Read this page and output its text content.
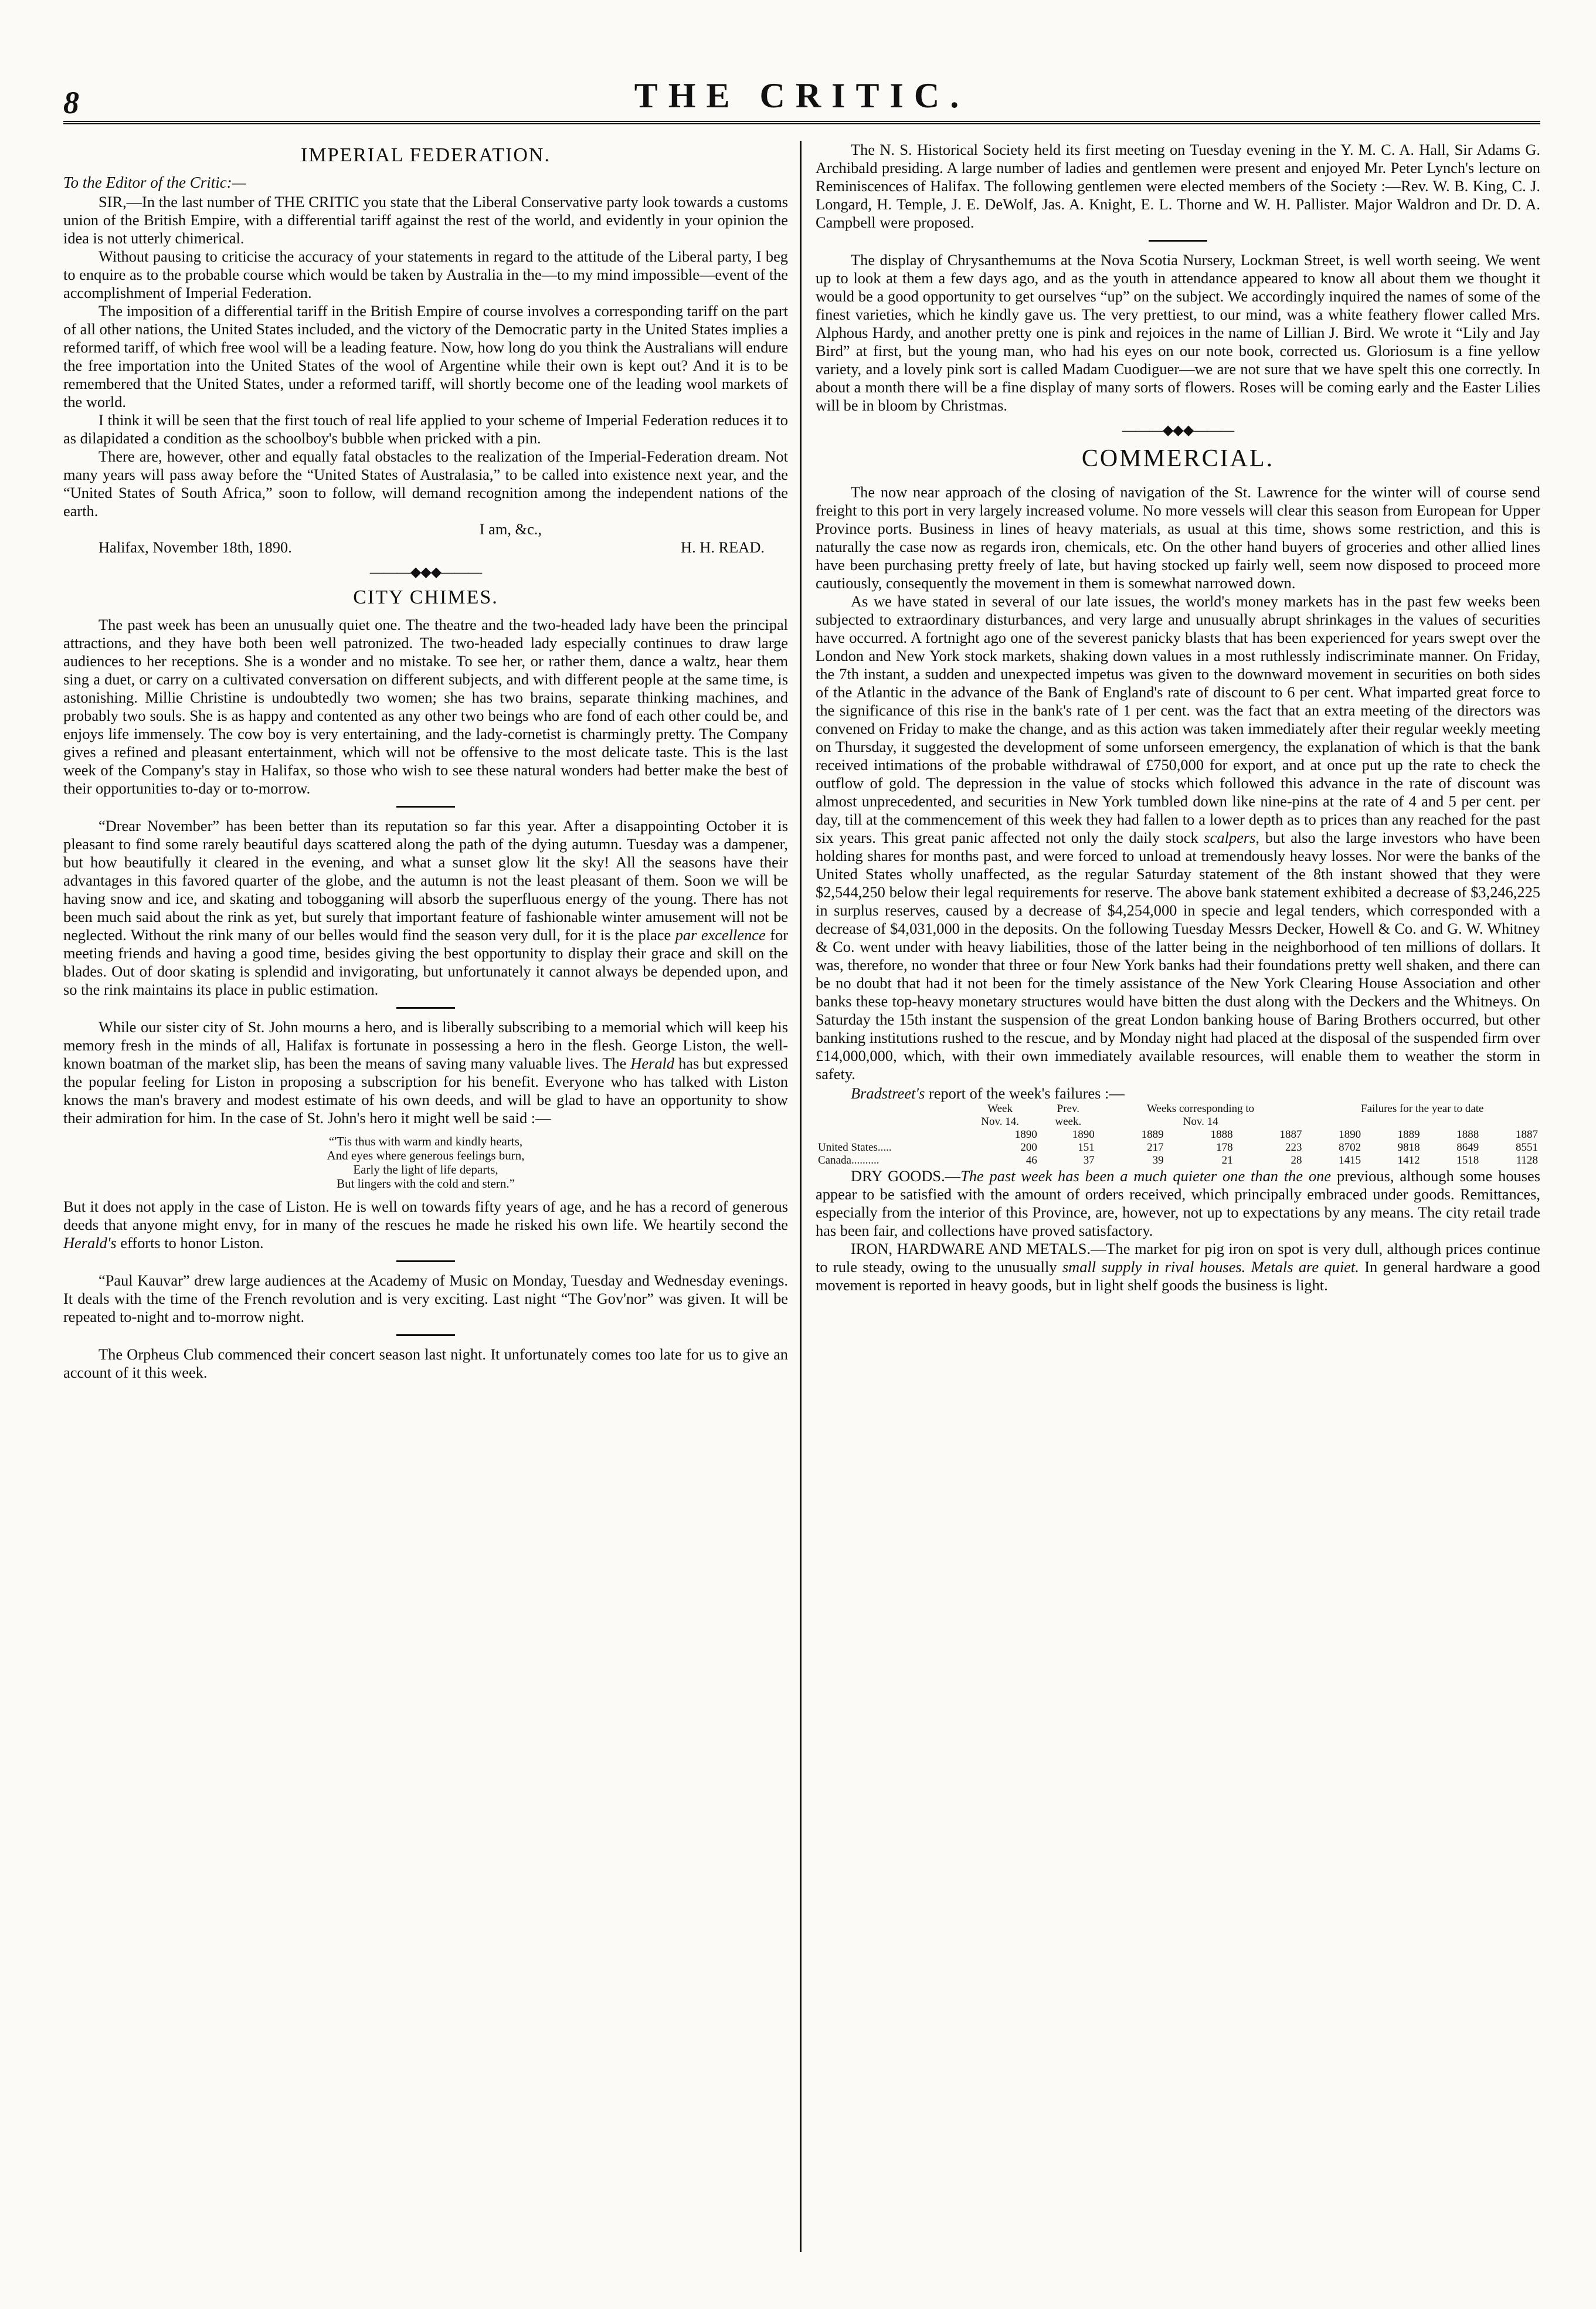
8	THE CRITIC.
IMPERIAL FEDERATION.
To the Editor of the Critic:—

SIR,—In the last number of THE CRITIC you state that the Liberal Conservative party look towards a customs union of the British Empire, with a differential tariff against the rest of the world, and evidently in your opinion the idea is not utterly chimerical.

Without pausing to criticise the accuracy of your statements in regard to the attitude of the Liberal party, I beg to enquire as to the probable course which would be taken by Australia in the—to my mind impossible—event of the accomplishment of Imperial Federation.

The imposition of a differential tariff in the British Empire of course involves a corresponding tariff on the part of all other nations, the United States included, and the victory of the Democratic party in the United States implies a reformed tariff, of which free wool will be a leading feature. Now, how long do you think the Australians will endure the free importation into the United States of the wool of Argentine while their own is kept out? And it is to be remembered that the United States, under a reformed tariff, will shortly become one of the leading wool markets of the world.

I think it will be seen that the first touch of real life applied to your scheme of Imperial Federation reduces it to as dilapidated a condition as the schoolboy's bubble when pricked with a pin.

There are, however, other and equally fatal obstacles to the realization of the Imperial-Federation dream. Not many years will pass away before the “United States of Australasia,” to be called into existence next year, and the “United States of South Africa,” soon to follow, will demand recognition among the independent nations of the earth.

I am, &c.,
Halifax, November 18th, 1890.	H. H. READ.
———◆◆◆———
CITY CHIMES.

The past week has been an unusually quiet one. The theatre and the two-headed lady have been the principal attractions, and they have both been well patronized. The two-headed lady especially continues to draw large audiences to her receptions. She is a wonder and no mistake. To see her, or rather them, dance a waltz, hear them sing a duet, or carry on a cultivated conversation on different subjects, and with different people at the same time, is astonishing. Millie Christine is undoubtedly two women; she has two brains, separate thinking machines, and probably two souls. She is as happy and contented as any other two beings who are fond of each other could be, and enjoys life immensely. The cow boy is very entertaining, and the lady-cornetist is charmingly pretty. The Company gives a refined and pleasant entertainment, which will not be offensive to the most delicate taste. This is the last week of the Company's stay in Halifax, so those who wish to see these natural wonders had better make the best of their opportunities to-day or to-morrow.

“Drear November” has been better than its reputation so far this year. After a disappointing October it is pleasant to find some rarely beautiful days scattered along the path of the dying autumn. Tuesday was a dampener, but how beautifully it cleared in the evening, and what a sunset glow lit the sky! All the seasons have their advantages in this favored quarter of the globe, and the autumn is not the least pleasant of them. Soon we will be having snow and ice, and skating and tobogganing will absorb the superfluous energy of the young. There has not been much said about the rink as yet, but surely that important feature of fashionable winter amusement will not be neglected. Without the rink many of our belles would find the season very dull, for it is the place par excellence for meeting friends and having a good time, besides giving the best opportunity to display their grace and skill on the blades. Out of door skating is splendid and invigorating, but unfortunately it cannot always be depended upon, and so the rink maintains its place in public estimation.

While our sister city of St. John mourns a hero, and is liberally subscribing to a memorial which will keep his memory fresh in the minds of all, Halifax is fortunate in possessing a hero in the flesh. George Liston, the well-known boatman of the market slip, has been the means of saving many valuable lives. The Herald has but expressed the popular feeling for Liston in proposing a subscription for his benefit. Everyone who has talked with Liston knows the man's bravery and modest estimate of his own deeds, and will be glad to have an opportunity to show their admiration for him. In the case of St. John's hero it might well be said :—

“'Tis thus with warm and kindly hearts,
And eyes where generous feelings burn,
Early the light of life departs,
But lingers with the cold and stern.”

But it does not apply in the case of Liston. He is well on towards fifty years of age, and he has a record of generous deeds that anyone might envy, for in many of the rescues he made he risked his own life. We heartily second the Herald's efforts to honor Liston.

“Paul Kauvar” drew large audiences at the Academy of Music on Monday, Tuesday and Wednesday evenings. It deals with the time of the French revolution and is very exciting. Last night “The Gov'nor” was given. It will be repeated to-night and to-morrow night.

The Orpheus Club commenced their concert season last night. It unfortunately comes too late for us to give an account of it this week.

The N. S. Historical Society held its first meeting on Tuesday evening in the Y. M. C. A. Hall, Sir Adams G. Archibald presiding. A large number of ladies and gentlemen were present and enjoyed Mr. Peter Lynch's lecture on Reminiscences of Halifax. The following gentlemen were elected members of the Society :—Rev. W. B. King, C. J. Longard, H. Temple, J. E. DeWolf, Jas. A. Knight, E. L. Thorne and W. H. Pallister. Major Waldron and Dr. D. A. Campbell were proposed.

The display of Chrysanthemums at the Nova Scotia Nursery, Lockman Street, is well worth seeing. We went up to look at them a few days ago, and as the youth in attendance appeared to know all about them we thought it would be a good opportunity to get ourselves “up” on the subject. We accordingly inquired the names of some of the finest varieties, which he kindly gave us. The very prettiest, to our mind, was a white feathery flower called Mrs. Alphous Hardy, and another pretty one is pink and rejoices in the name of Lillian J. Bird. We wrote it “Lily and Jay Bird” at first, but the young man, who had his eyes on our note book, corrected us. Gloriosum is a fine yellow variety, and a lovely pink sort is called Madam Cuodiguer—we are not sure that we have spelt this one correctly. In about a month there will be a fine display of many sorts of flowers. Roses will be coming early and the Easter Lilies will be in bloom by Christmas.

———◆◆◆———
COMMERCIAL.

The now near approach of the closing of navigation of the St. Lawrence for the winter will of course send freight to this port in very largely increased volume. No more vessels will clear this season from European for Upper Province ports. Business in lines of heavy materials, as usual at this time, shows some restriction, and this is naturally the case now as regards iron, chemicals, etc. On the other hand buyers of groceries and other allied lines have been purchasing pretty freely of late, but having stocked up fairly well, seem now disposed to proceed more cautiously, consequently the movement in them is somewhat narrowed down.

As we have stated in several of our late issues, the world's money markets has in the past few weeks been subjected to extraordinary disturbances, and very large and unusually abrupt shrinkages in the values of securities have occurred. A fortnight ago one of the severest panicky blasts that has been experienced for years swept over the London and New York stock markets, shaking down values in a most ruthlessly indiscriminate manner. On Friday, the 7th instant, a sudden and unexpected impetus was given to the downward movement in securities on both sides of the Atlantic in the advance of the Bank of England's rate of discount to 6 per cent. What imparted great force to the significance of this rise in the bank's rate of 1 per cent. was the fact that an extra meeting of the directors was convened on Friday to make the change, and as this action was taken immediately after their regular weekly meeting on Thursday, it suggested the development of some unforseen emergency, the explanation of which is that the bank received intimations of the probable withdrawal of £750,000 for export, and at once put up the rate to check the outflow of gold. The depression in the value of stocks which followed this advance in the rate of discount was almost unprecedented, and securities in New York tumbled down like nine-pins at the rate of 4 and 5 per cent. per day, till at the commencement of this week they had fallen to a lower depth as to prices than any reached for the past six years. This great panic affected not only the daily stock scalpers, but also the large investors who have been holding shares for months past, and were forced to unload at tremendously heavy losses. Nor were the banks of the United States wholly unaffected, as the regular Saturday statement of the 8th instant showed that they were $2,544,250 below their legal requirements for reserve. The above bank statement exhibited a decrease of $3,246,225 in surplus reserves, caused by a decrease of $4,254,000 in specie and legal tenders, which corresponded with a decrease of $4,031,000 in the deposits. On the following Tuesday Messrs Decker, Howell & Co. and G. W. Whitney & Co. went under with heavy liabilities, those of the latter being in the neighborhood of ten millions of dollars. It was, therefore, no wonder that three or four New York banks had their foundations pretty well shaken, and there can be no doubt that had it not been for the timely assistance of the New York Clearing House Association and other banks these top-heavy monetary structures would have bitten the dust along with the Deckers and the Whitneys. On Saturday the 15th instant the suspension of the great London banking house of Baring Brothers occurred, but other banking institutions rushed to the rescue, and by Monday night had placed at the disposal of the suspended firm over £14,000,000, which, with their own immediately available resources, will enable them to weather the storm in safety.

Bradstreet's report of the week's failures :—
	Week	Prev.	Weeks corresponding to			Failures for the year to date			
	Nov. 14.	week.	Nov. 14						
	1890	1890	1889	1888	1887	1890	1889	1888	1887
United States.....	200	151	217	178	223	8702	9818	8649	8551
Canada..........	46	37	39	21	28	1415	1412	1518	1128

DRY GOODS.—The past week has been a much quieter one than the one previous, although some houses appear to be satisfied with the amount of orders received, which principally embraced under goods. Remittances, especially from the interior of this Province, are, however, not up to expectations by any means. The city retail trade has been fair, and collections have proved satisfactory.

IRON, HARDWARE AND METALS.—The market for pig iron on spot is very dull, although prices continue to rule steady, owing to the unusually small supply in rival houses. Metals are quiet. In general hardware a good movement is reported in heavy goods, but in light shelf goods the business is light.
